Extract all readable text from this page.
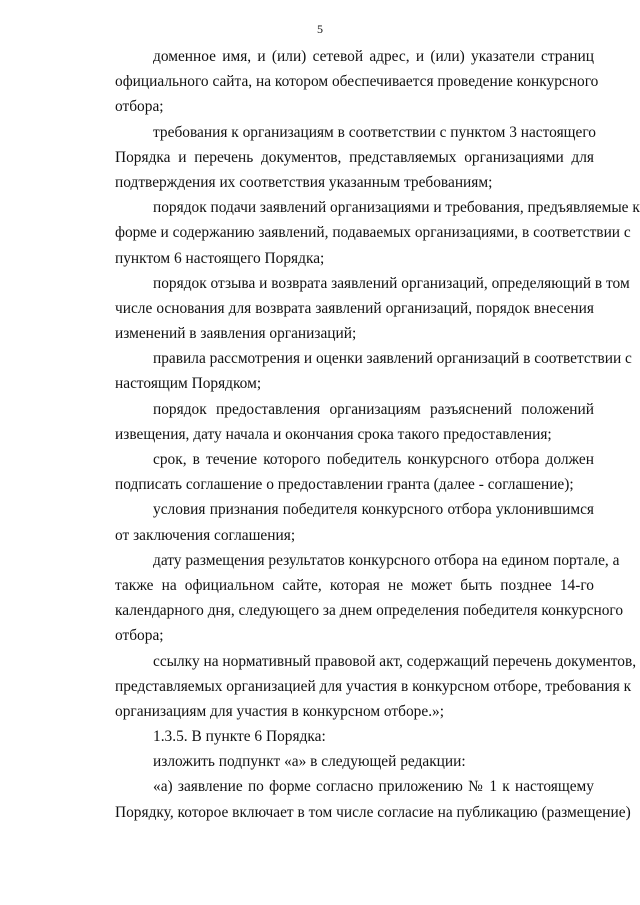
5
доменное имя, и (или) сетевой адрес, и (или) указатели страниц
официального сайта, на котором обеспечивается проведение конкурсного
отбора;
требования к организациям в соответствии с пунктом 3 настоящего
Порядка и перечень документов, представляемых организациями для
подтверждения их соответствия указанным требованиям;
порядок подачи заявлений организациями и требования, предъявляемые к
форме и содержанию заявлений, подаваемых организациями, в соответствии с
пунктом 6 настоящего Порядка;
порядок отзыва и возврата заявлений организаций, определяющий в том
числе основания для возврата заявлений организаций, порядок внесения
изменений в заявления организаций;
правила рассмотрения и оценки заявлений организаций в соответствии с
настоящим Порядком;
порядок предоставления организациям разъяснений положений
извещения, дату начала и окончания срока такого предоставления;
срок, в течение которого победитель конкурсного отбора должен
подписать соглашение о предоставлении гранта (далее - соглашение);
условия признания победителя конкурсного отбора уклонившимся
от заключения соглашения;
дату размещения результатов конкурсного отбора на едином портале, а
также на официальном сайте, которая не может быть позднее 14-го
календарного дня, следующего за днем определения победителя конкурсного
отбора;
ссылку на нормативный правовой акт, содержащий перечень документов,
представляемых организацией для участия в конкурсном отборе, требования к
организациям для участия в конкурсном отборе.»;
1.3.5. В пункте 6 Порядка:
изложить подпункт «а» в следующей редакции:
«а) заявление по форме согласно приложению № 1 к настоящему
Порядку, которое включает в том числе согласие на публикацию (размещение)
